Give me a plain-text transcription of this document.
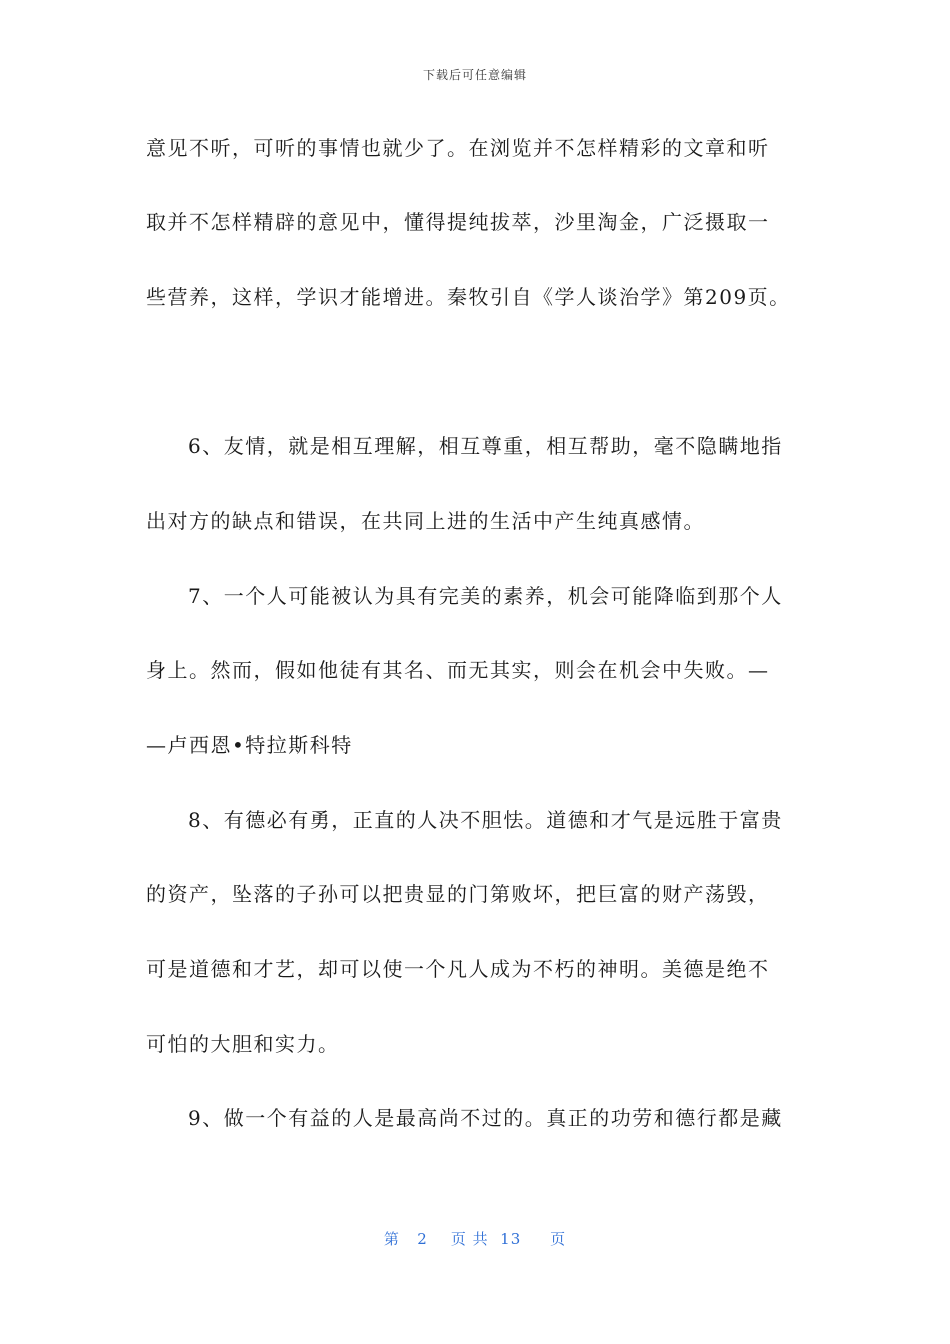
下载后可任意编辑
意见不听，可听的事情也就少了。在浏览并不怎样精彩的文章和听
取并不怎样精辟的意见中，懂得提纯拔萃，沙里淘金，广泛摄取一
些营养，这样，学识才能增进。秦牧引自《学人谈治学》第209页。
6、友情，就是相互理解，相互尊重，相互帮助，毫不隐瞒地指
出对方的缺点和错误，在共同上进的生活中产生纯真感情。
7、一个人可能被认为具有完美的素养，机会可能降临到那个人
身上。然而，假如他徒有其名、而无其实，则会在机会中失败。—
—卢西恩•特拉斯科特
8、有德必有勇，正直的人决不胆怯。道德和才气是远胜于富贵
的资产，坠落的子孙可以把贵显的门第败坏，把巨富的财产荡毁，
可是道德和才艺，却可以使一个凡人成为不朽的神明。美德是绝不
可怕的大胆和实力。
9、做一个有益的人是最高尚不过的。真正的功劳和德行都是藏
第 2 页 共 13 页
